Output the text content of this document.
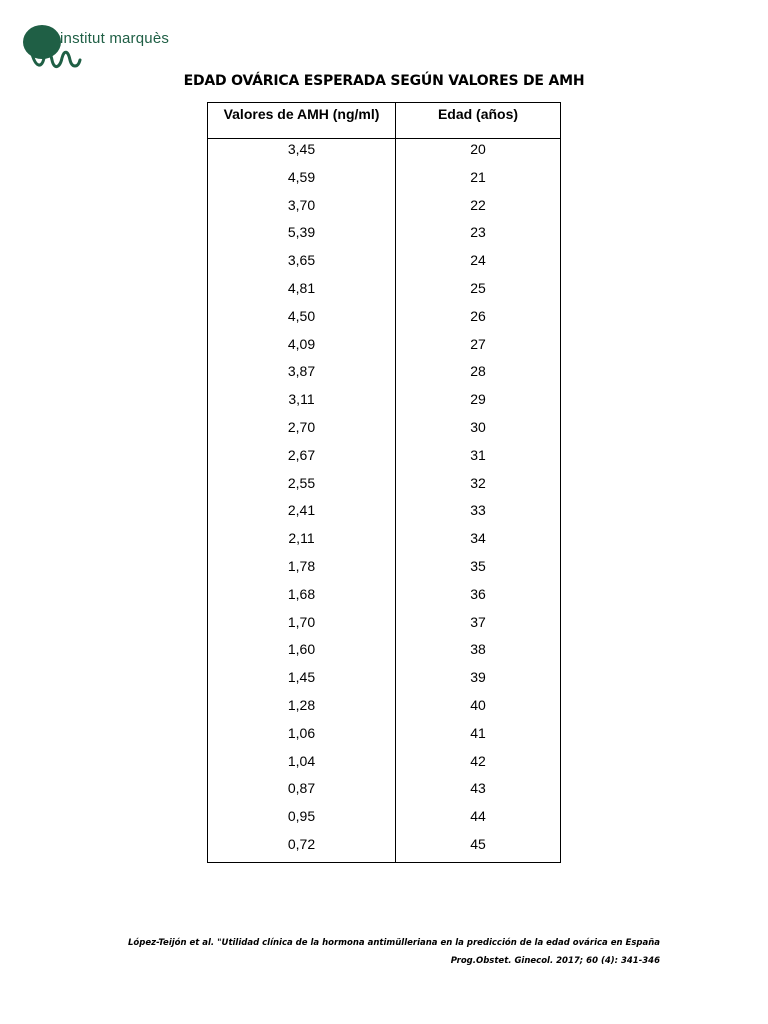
institut marquès
EDAD OVÁRICA ESPERADA SEGÚN VALORES DE AMH
Valores de AMH (ng/ml)	Edad (años)
3,45	20
4,59	21
3,70	22
5,39	23
3,65	24
4,81	25
4,50	26
4,09	27
3,87	28
3,11	29
2,70	30
2,67	31
2,55	32
2,41	33
2,11	34
1,78	35
1,68	36
1,70	37
1,60	38
1,45	39
1,28	40
1,06	41
1,04	42
0,87	43
0,95	44
0,72	45
López-Teijón et al. "Utilidad clínica de la hormona antimülleriana en la predicción de la edad ovárica en España
Prog.Obstet. Ginecol. 2017; 60 (4): 341-346
